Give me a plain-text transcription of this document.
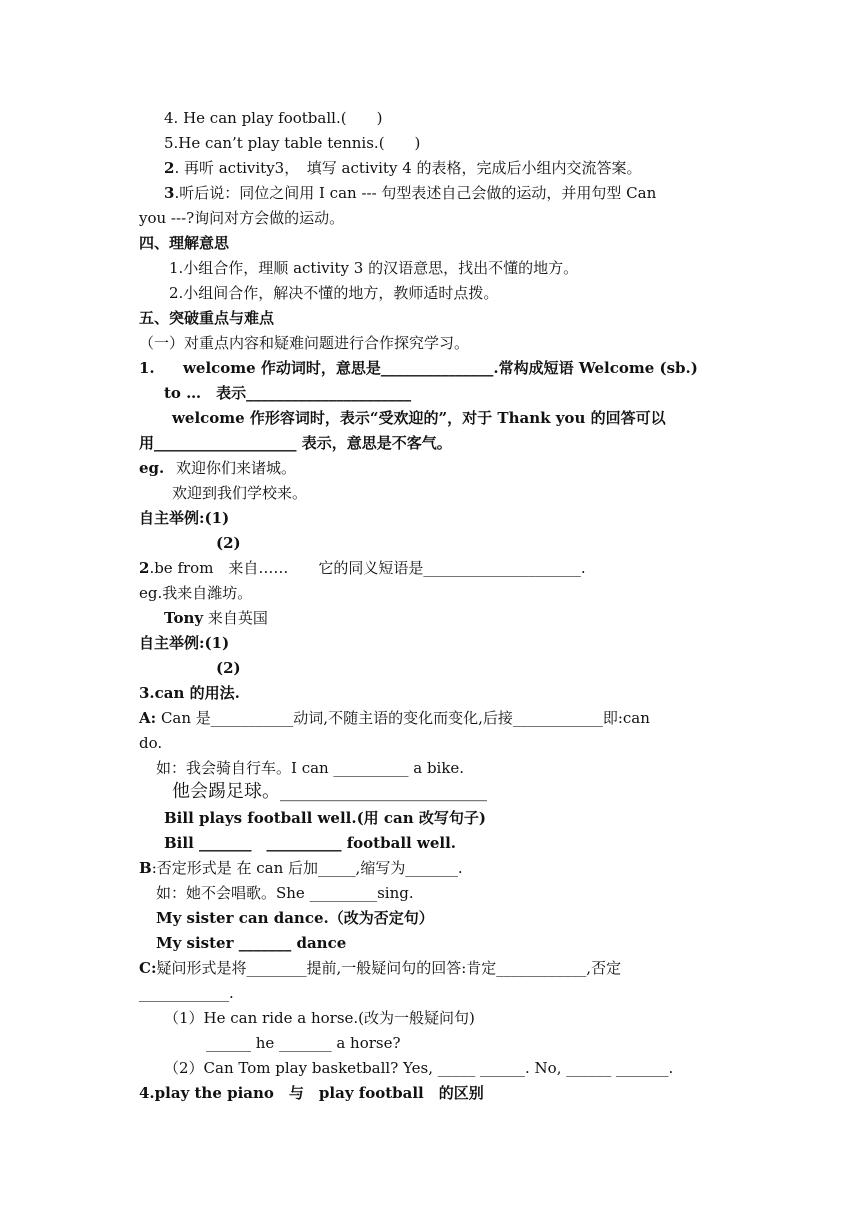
4. He can play football.(　　)
5.He can’t play table tennis.(　　)
2. 再听 activity3，　填写 activity 4 的表格，完成后小组内交流答案。
3.听后说：同位之间用 I can --- 句型表述自己会做的运动，并用句型 Can
you ---?询问对方会做的运动。
四、理解意思
1.小组合作，理顺 activity 3 的汉语意思，找出不懂的地方。
2.小组间合作，解决不懂的地方，教师适时点拨。
五、突破重点与难点
（一）对重点内容和疑难问题进行合作探究学习。
1. welcome 作动词时，意思是_______________.常构成短语 Welcome (sb.)
to …　表示______________________
welcome 作形容词时，表示“受欢迎的”，对于 Thank you 的回答可以
用___________________ 表示，意思是不客气。
eg. 欢迎你们来诸城。
欢迎到我们学校来。
自主举例:(1)
(2)
2.be from　来自……　　它的同义短语是_____________________.
eg.我来自潍坊。
Tony 来自英国
自主举例:(1)
(2)
3.can 的用法.
A: Can 是___________动词,不随主语的变化而变化,后接____________即:can
do.
如：我会骑自行车。I can __________ a bike.
他会踢足球。_______________________
Bill plays football well.(用 can 改写句子)
Bill _______　__________ football well.
B:否定形式是 在 can 后加_____,缩写为_______.
如：她不会唱歌。She _________sing.
My sister can dance.（改为否定句）
My sister _______ dance
C:疑问形式是将________提前,一般疑问句的回答:肯定____________,否定
____________.
（1）He can ride a horse.(改为一般疑问句)
______ he _______ a horse?
（2）Can Tom play basketball? Yes, _____ ______. No, ______ _______.
4.play the piano　与　play football　的区别
